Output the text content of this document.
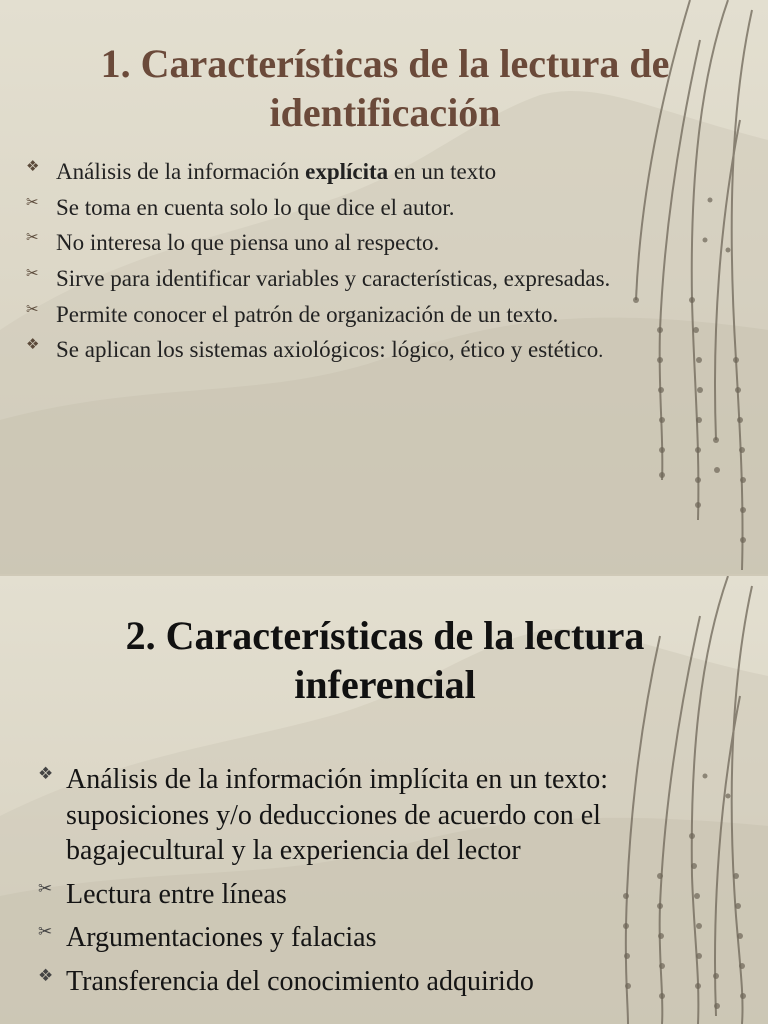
1. Características de la lectura de identificación
❖ Análisis de la información explícita en un texto
✂ Se toma en cuenta solo lo que dice el autor.
✂ No interesa lo que piensa uno al respecto.
✂ Sirve para identificar variables y características, expresadas.
✂ Permite conocer el patrón de organización de un texto.
❖ Se aplican los sistemas axiológicos: lógico, ético y estético.
2. Características de la lectura inferencial
❖ Análisis de la información implícita en un texto: suposiciones y/o deducciones de acuerdo con el bagajecultural y la experiencia del lector
✂ Lectura entre líneas
✂ Argumentaciones y falacias
❖ Transferencia del conocimiento adquirido
